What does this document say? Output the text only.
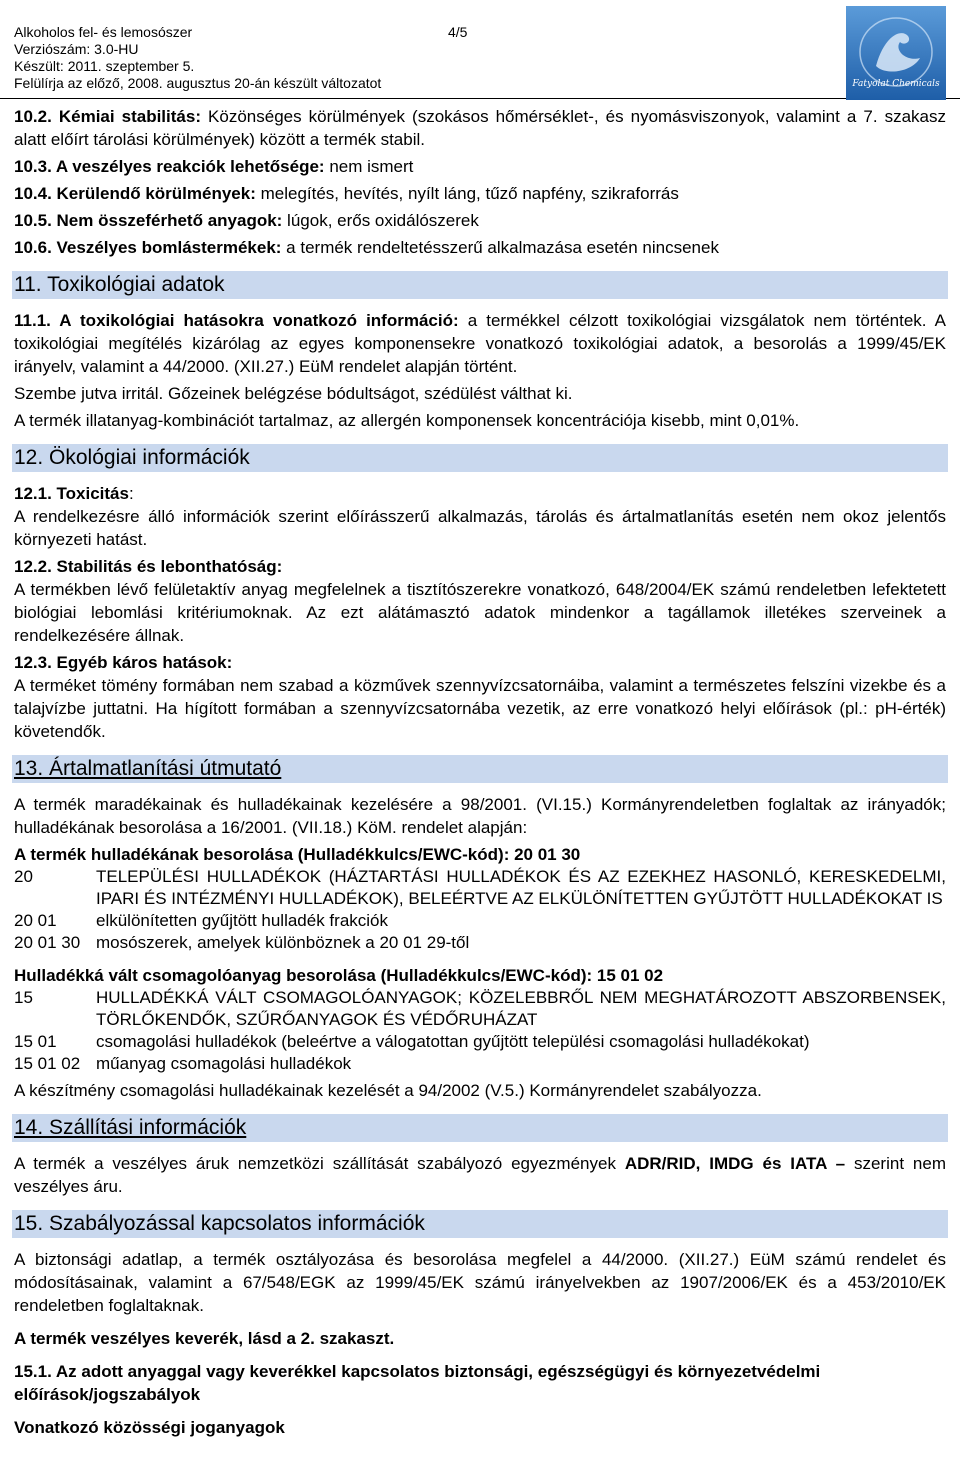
Alkoholos fel- és lemosószer
Verziószám: 3.0-HU
Készült: 2011. szeptember 5.
Felülírja az előző, 2008. augusztus 20-án készült változatot
4/5
Fatyolat Chemicals

10.2. Kémiai stabilitás: Közönséges körülmények (szokásos hőmérséklet-, és nyomásviszonyok, valamint a 7. szakasz alatt előírt tárolási körülmények) között a termék stabil.

10.3. A veszélyes reakciók lehetősége: nem ismert

10.4. Kerülendő körülmények: melegítés, hevítés, nyílt láng, tűző napfény, szikraforrás

10.5. Nem összeférhető anyagok: lúgok, erős oxidálószerek

10.6. Veszélyes bomlástermékek: a termék rendeltetésszerű alkalmazása esetén nincsenek

11. Toxikológiai adatok

11.1. A toxikológiai hatásokra vonatkozó információ: a termékkel célzott toxikológiai vizsgálatok nem történtek. A toxikológiai megítélés kizárólag az egyes komponensekre vonatkozó toxikológiai adatok, a besorolás a 1999/45/EK irányelv, valamint a 44/2000. (XII.27.) EüM rendelet alapján történt.

Szembe jutva irritál. Gőzeinek belégzése bódultságot, szédülést válthat ki.

A termék illatanyag-kombinációt tartalmaz, az allergén komponensek koncentrációja kisebb, mint 0,01%.

12. Ökológiai információk

12.1. Toxicitás:

A rendelkezésre álló információk szerint előírásszerű alkalmazás, tárolás és ártalmatlanítás esetén nem okoz jelentős környezeti hatást.

12.2. Stabilitás és lebonthatóság:

A termékben lévő felületaktív anyag megfelelnek a tisztítószerekre vonatkozó, 648/2004/EK számú rendeletben lefektetett biológiai lebomlási kritériumoknak. Az ezt alátámasztó adatok mindenkor a tagállamok illetékes szerveinek a rendelkezésére állnak.

12.3. Egyéb káros hatások:

A terméket tömény formában nem szabad a közművek szennyvízcsatornáiba, valamint a természetes felszíni vizekbe és a talajvízbe juttatni. Ha hígított formában a szennyvízcsatornába vezetik, az erre vonatkozó helyi előírások (pl.: pH-érték) követendők.

13. Ártalmatlanítási útmutató

A termék maradékainak és hulladékainak kezelésére a 98/2001. (VI.15.) Kormányrendeletben foglaltak az irányadók; hulladékának besorolása a 16/2001. (VII.18.) KöM. rendelet alapján:

A termék hulladékának besorolása (Hulladékkulcs/EWC-kód): 20 01 30

20	TELEPÜLÉSI HULLADÉKOK (HÁZTARTÁSI HULLADÉKOK ÉS AZ EZEKHEZ HASONLÓ, KERESKEDELMI, IPARI ÉS INTÉZMÉNYI HULLADÉKOK), BELEÉRTVE AZ ELKÜLÖNÍTETTEN GYŰJTÖTT HULLADÉKOKAT IS
20 01	elkülönítetten gyűjtött hulladék frakciók
20 01 30 mosószerek, amelyek különböznek a 20 01 29-től

Hulladékká vált csomagolóanyag besorolása (Hulladékkulcs/EWC-kód): 15 01 02

15	HULLADÉKKÁ VÁLT CSOMAGOLÓANYAGOK; KÖZELEBBRŐL NEM MEGHATÁROZOTT ABSZORBENSEK, TÖRLŐKENDŐK, SZŰRŐANYAGOK ÉS VÉDŐRUHÁZAT
15 01	csomagolási hulladékok (beleértve a válogatottan gyűjtött települési csomagolási hulladékokat)
15 01 02 műanyag csomagolási hulladékok

A készítmény csomagolási hulladékainak kezelését a 94/2002 (V.5.) Kormányrendelet szabályozza.

14. Szállítási információk

A termék a veszélyes áruk nemzetközi szállítását szabályozó egyezmények ADR/RID, IMDG és IATA – szerint nem veszélyes áru.

15. Szabályozással kapcsolatos információk

A biztonsági adatlap, a termék osztályozása és besorolása megfelel a 44/2000. (XII.27.) EüM számú rendelet és módosításainak, valamint a 67/548/EGK az 1999/45/EK számú irányelvekben az 1907/2006/EK és a 453/2010/EK rendeletben foglaltaknak.

A termék veszélyes keverék, lásd a 2. szakaszt.

15.1. Az adott anyaggal vagy keverékkel kapcsolatos biztonsági, egészségügyi és környezetvédelmi előírások/jogszabályok

Vonatkozó közösségi joganyagok
